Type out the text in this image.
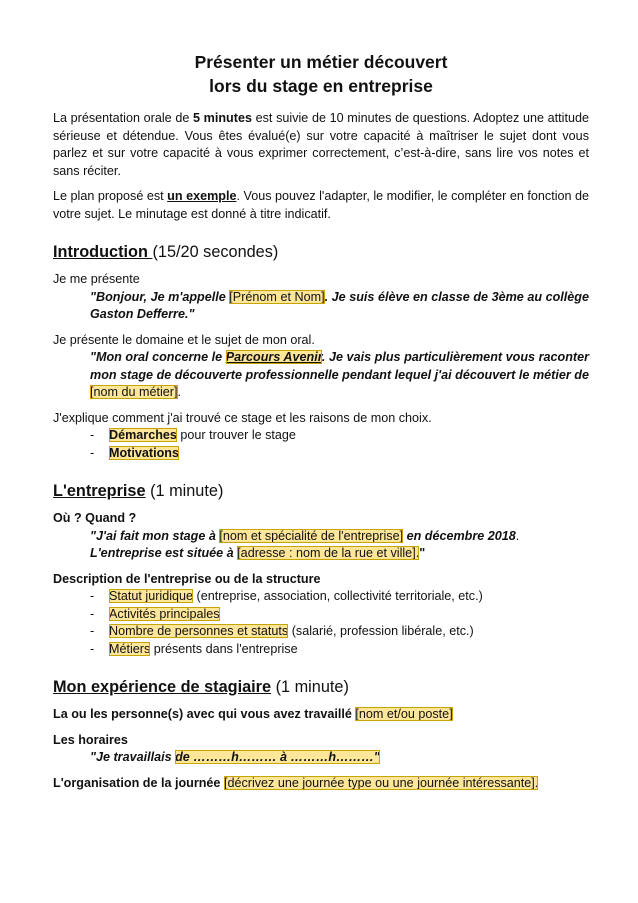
Présenter un métier découvert
lors du stage en entreprise

La présentation orale de 5 minutes est suivie de 10 minutes de questions. Adoptez une attitude sérieuse et détendue. Vous êtes évalué(e) sur votre capacité à maîtriser le sujet dont vous parlez et sur votre capacité à vous exprimer correctement, c’est-à-dire, sans lire vos notes et sans réciter.

Le plan proposé est un exemple. Vous pouvez l'adapter, le modifier, le compléter en fonction de votre sujet. Le minutage est donné à titre indicatif.

Introduction (15/20 secondes)

Je me présente

"Bonjour, Je m'appelle [Prénom et Nom]. Je suis élève en classe de 3ème au collège Gaston Defferre."

Je présente le domaine et le sujet de mon oral.

"Mon oral concerne le Parcours Avenir. Je vais plus particulièrement vous raconter mon stage de découverte professionnelle pendant lequel j'ai découvert le métier de [nom du métier].

J'explique comment j'ai trouvé ce stage et les raisons de mon choix.

- Démarches pour trouver le stage
- Motivations
L'entreprise (1 minute)

Où ? Quand ?

"J'ai fait mon stage à [nom et spécialité de l'entreprise] en décembre 2018.

L'entreprise est située à [adresse : nom de la rue et ville]."

Description de l'entreprise ou de la structure

- Statut juridique (entreprise, association, collectivité territoriale, etc.)
- Activités principales
- Nombre de personnes et statuts (salarié, profession libérale, etc.)
- Métiers présents dans l'entreprise
Mon expérience de stagiaire (1 minute)

La ou les personne(s) avec qui vous avez travaillé [nom et/ou poste]

Les horaires

"Je travaillais de ………h……… à ………h………"

L'organisation de la journée [décrivez une journée type ou une journée intéressante].
